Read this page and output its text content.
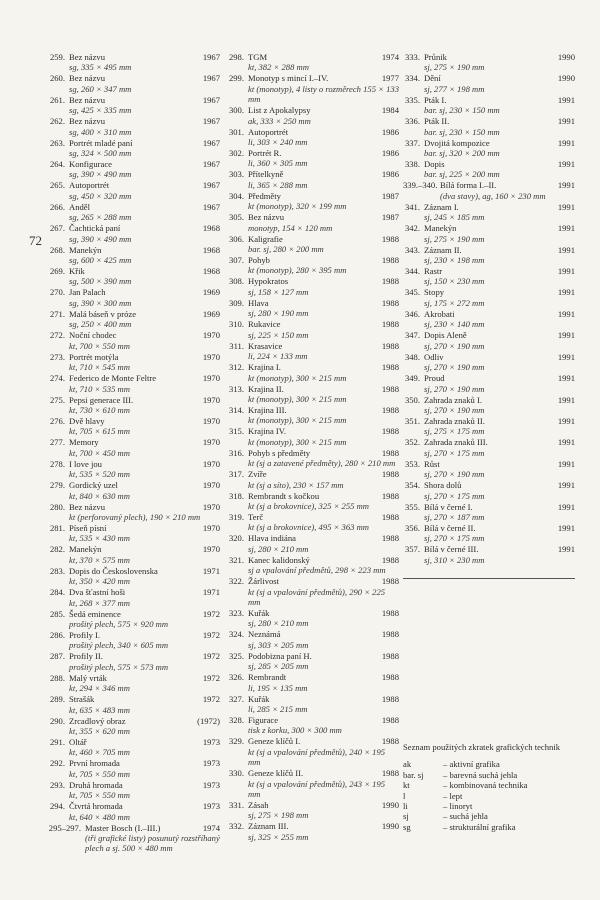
72
259. Bez názvu	1967
sg, 335 × 495 mm
260. Bez názvu	1967
sg, 260 × 347 mm
261. Bez názvu	1967
sg, 425 × 335 mm
262. Bez názvu	1967
sg, 400 × 310 mm
263. Portrét mladé paní	1967
sg, 324 × 500 mm
264. Konfigurace	1967
sg, 390 × 490 mm
265. Autoportrét	1967
sg, 450 × 320 mm
266. Anděl	1967
sg, 265 × 288 mm
267. Čachtická paní	1968
sg, 390 × 490 mm
268. Manekýn	1968
sg, 600 × 425 mm
269. Křik	1968
sg, 500 × 390 mm
270. Jan Palach	1969
sg, 390 × 300 mm
271. Malá báseň v próze	1969
sg, 250 × 400 mm
272. Noční chodec	1970
kt, 700 × 550 mm
273. Portrét motýla	1970
kt, 710 × 545 mm
274. Federico de Monte Feltre	1970
kt, 710 × 535 mm
275. Pepsi generace III.	1970
kt, 730 × 610 mm
276. Dvě hlavy	1970
kt, 705 × 615 mm
277. Memory	1970
kt, 700 × 450 mm
278. I love jou	1970
kt, 535 × 520 mm
279. Gordický uzel	1970
kt, 840 × 630 mm
280. Bez názvu	1970
kt (perforovaný plech), 190 × 210 mm
281. Píseň písní	1970
kt, 535 × 430 mm
282. Manekýn	1970
kt, 370 × 575 mm
283. Dopis do Československa	1971
kt, 350 × 420 mm
284. Dva šťastní hoši	1971
kt, 268 × 377 mm
285. Šedá eminence	1972
prošitý plech, 575 × 920 mm
286. Profily I.	1972
prošitý plech, 340 × 605 mm
287. Profily II.	1972
prošitý plech, 575 × 573 mm
288. Malý vrták	1972
kt, 294 × 346 mm
289. Strašák	1972
kt, 635 × 483 mm
290. Zrcadlový obraz	(1972)
kt, 355 × 620 mm
291. Oltář	1973
kt, 460 × 705 mm
292. První hromada	1973
kt, 705 × 550 mm
293. Druhá hromada	1973
kt, 705 × 550 mm
294. Čtvrtá hromada	1973
kt, 640 × 480 mm
295–297. Master Bosch (I.–III.)	1974
(tři grafické listy) posunutý rozstříhaný plech a sj. 500 × 480 mm
298. TGM	1974
kt, 382 × 288 mm
299. Monotyp s mincí I.–IV.	1977
kt (monotyp), 4 listy o rozměrech 155 × 133 mm
300. List z Apokalypsy	1984
ak, 333 × 250 mm
301. Autoportrét	1986
li, 303 × 240 mm
302. Portrét R.	1986
li, 360 × 305 mm
303. Přítelkyně	1986
li, 365 × 288 mm
304. Předměty	1987
kt (monotyp), 320 × 199 mm
305. Bez názvu	1987
monotyp, 154 × 120 mm
306. Kaligrafie	1988
bar. sj, 280 × 200 mm
307. Pohyb	1988
kt (monotyp), 280 × 395 mm
308. Hypokratos	1988
sj, 158 × 127 mm
309. Hlava	1988
sj, 280 × 190 mm
310. Rukavice	1988
sj, 225 × 150 mm
311. Krasavice	1988
li, 224 × 133 mm
312. Krajina I.	1988
kt (monotyp), 300 × 215 mm
313. Krajina II.	1988
kt (monotyp), 300 × 215 mm
314. Krajina III.	1988
kt (monotyp), 300 × 215 mm
315. Krajina IV.	1988
kt (monotyp), 300 × 215 mm
316. Pohyb s předměty	1988
kt (sj a zatavené předměty), 280 × 210 mm
317. Zvíře	1988
kt (sj a síto), 230 × 157 mm
318. Rembrandt s kočkou	1988
kt (sj a brokovnice), 325 × 255 mm
319. Terč	1988
kt (sj a brokovnice), 495 × 363 mm
320. Hlava indiána	1988
sj, 280 × 210 mm
321. Kanec kalidonský	1988
sj a vpalování předmětů, 298 × 223 mm
322. Žárlivost	1988
kt (sj a vpalování předmětů), 290 × 225 mm
323. Kuřák	1988
sj, 280 × 210 mm
324. Neznámá	1988
sj, 303 × 205 mm
325. Podobizna paní H.	1988
sj, 285 × 205 mm
326. Rembrandt	1988
li, 195 × 135 mm
327. Kuřák	1988
li, 285 × 215 mm
328. Figurace	1988
tisk z korku, 300 × 300 mm
329. Geneze klíčů I.	1988
kt (sj a vpalování předmětů), 240 × 195 mm
330. Geneze klíčů II.	1988
kt (sj a vpalování předmětů), 243 × 195 mm
331. Zásah	1990
sj, 275 × 198 mm
332. Záznam III.	1990
sj, 325 × 255 mm
333. Průnik	1990
sj, 275 × 190 mm
334. Dění	1990
sj, 277 × 198 mm
335. Pták I.	1991
bar. sj, 230 × 150 mm
336. Pták II.	1991
bar. sj, 230 × 150 mm
337. Dvojitá kompozice	1991
bar. sj, 320 × 200 mm
338. Dopis	1991
bar. sj, 225 × 200 mm
339.–340. Bílá forma I.–II.	1991
(dva stavy), ag, 160 × 230 mm
341. Záznam I.	1991
sj, 245 × 185 mm
342. Manekýn	1991
sj, 275 × 190 mm
343. Záznam II.	1991
sj, 230 × 198 mm
344. Rastr	1991
sj, 150 × 230 mm
345. Stopy	1991
sj, 175 × 272 mm
346. Akrobati	1991
sj, 230 × 140 mm
347. Dopis Aleně	1991
sj, 270 × 190 mm
348. Odliv	1991
sj, 270 × 190 mm
349. Proud	1991
sj, 270 × 190 mm
350. Zahrada znaků I.	1991
sj, 270 × 190 mm
351. Zahrada znaků II.	1991
sj, 275 × 175 mm
352. Zahrada znaků III.	1991
sj, 270 × 175 mm
353. Růst	1991
sj, 270 × 190 mm
354. Shora dolů	1991
sj, 270 × 175 mm
355. Bílá v černé I.	1991
sj, 270 × 187 mm
356. Bílá v černé II.	1991
sj, 270 × 175 mm
357. Bílá v černé III.	1991
sj, 310 × 230 mm
Seznam použitých zkratek grafických technik
ak	– aktivní grafika
bar. sj	– barevná suchá jehla
kt	– kombinovaná technika
l	– lept
li	– linoryt
sj	– suchá jehla
sg	– strukturální grafika
